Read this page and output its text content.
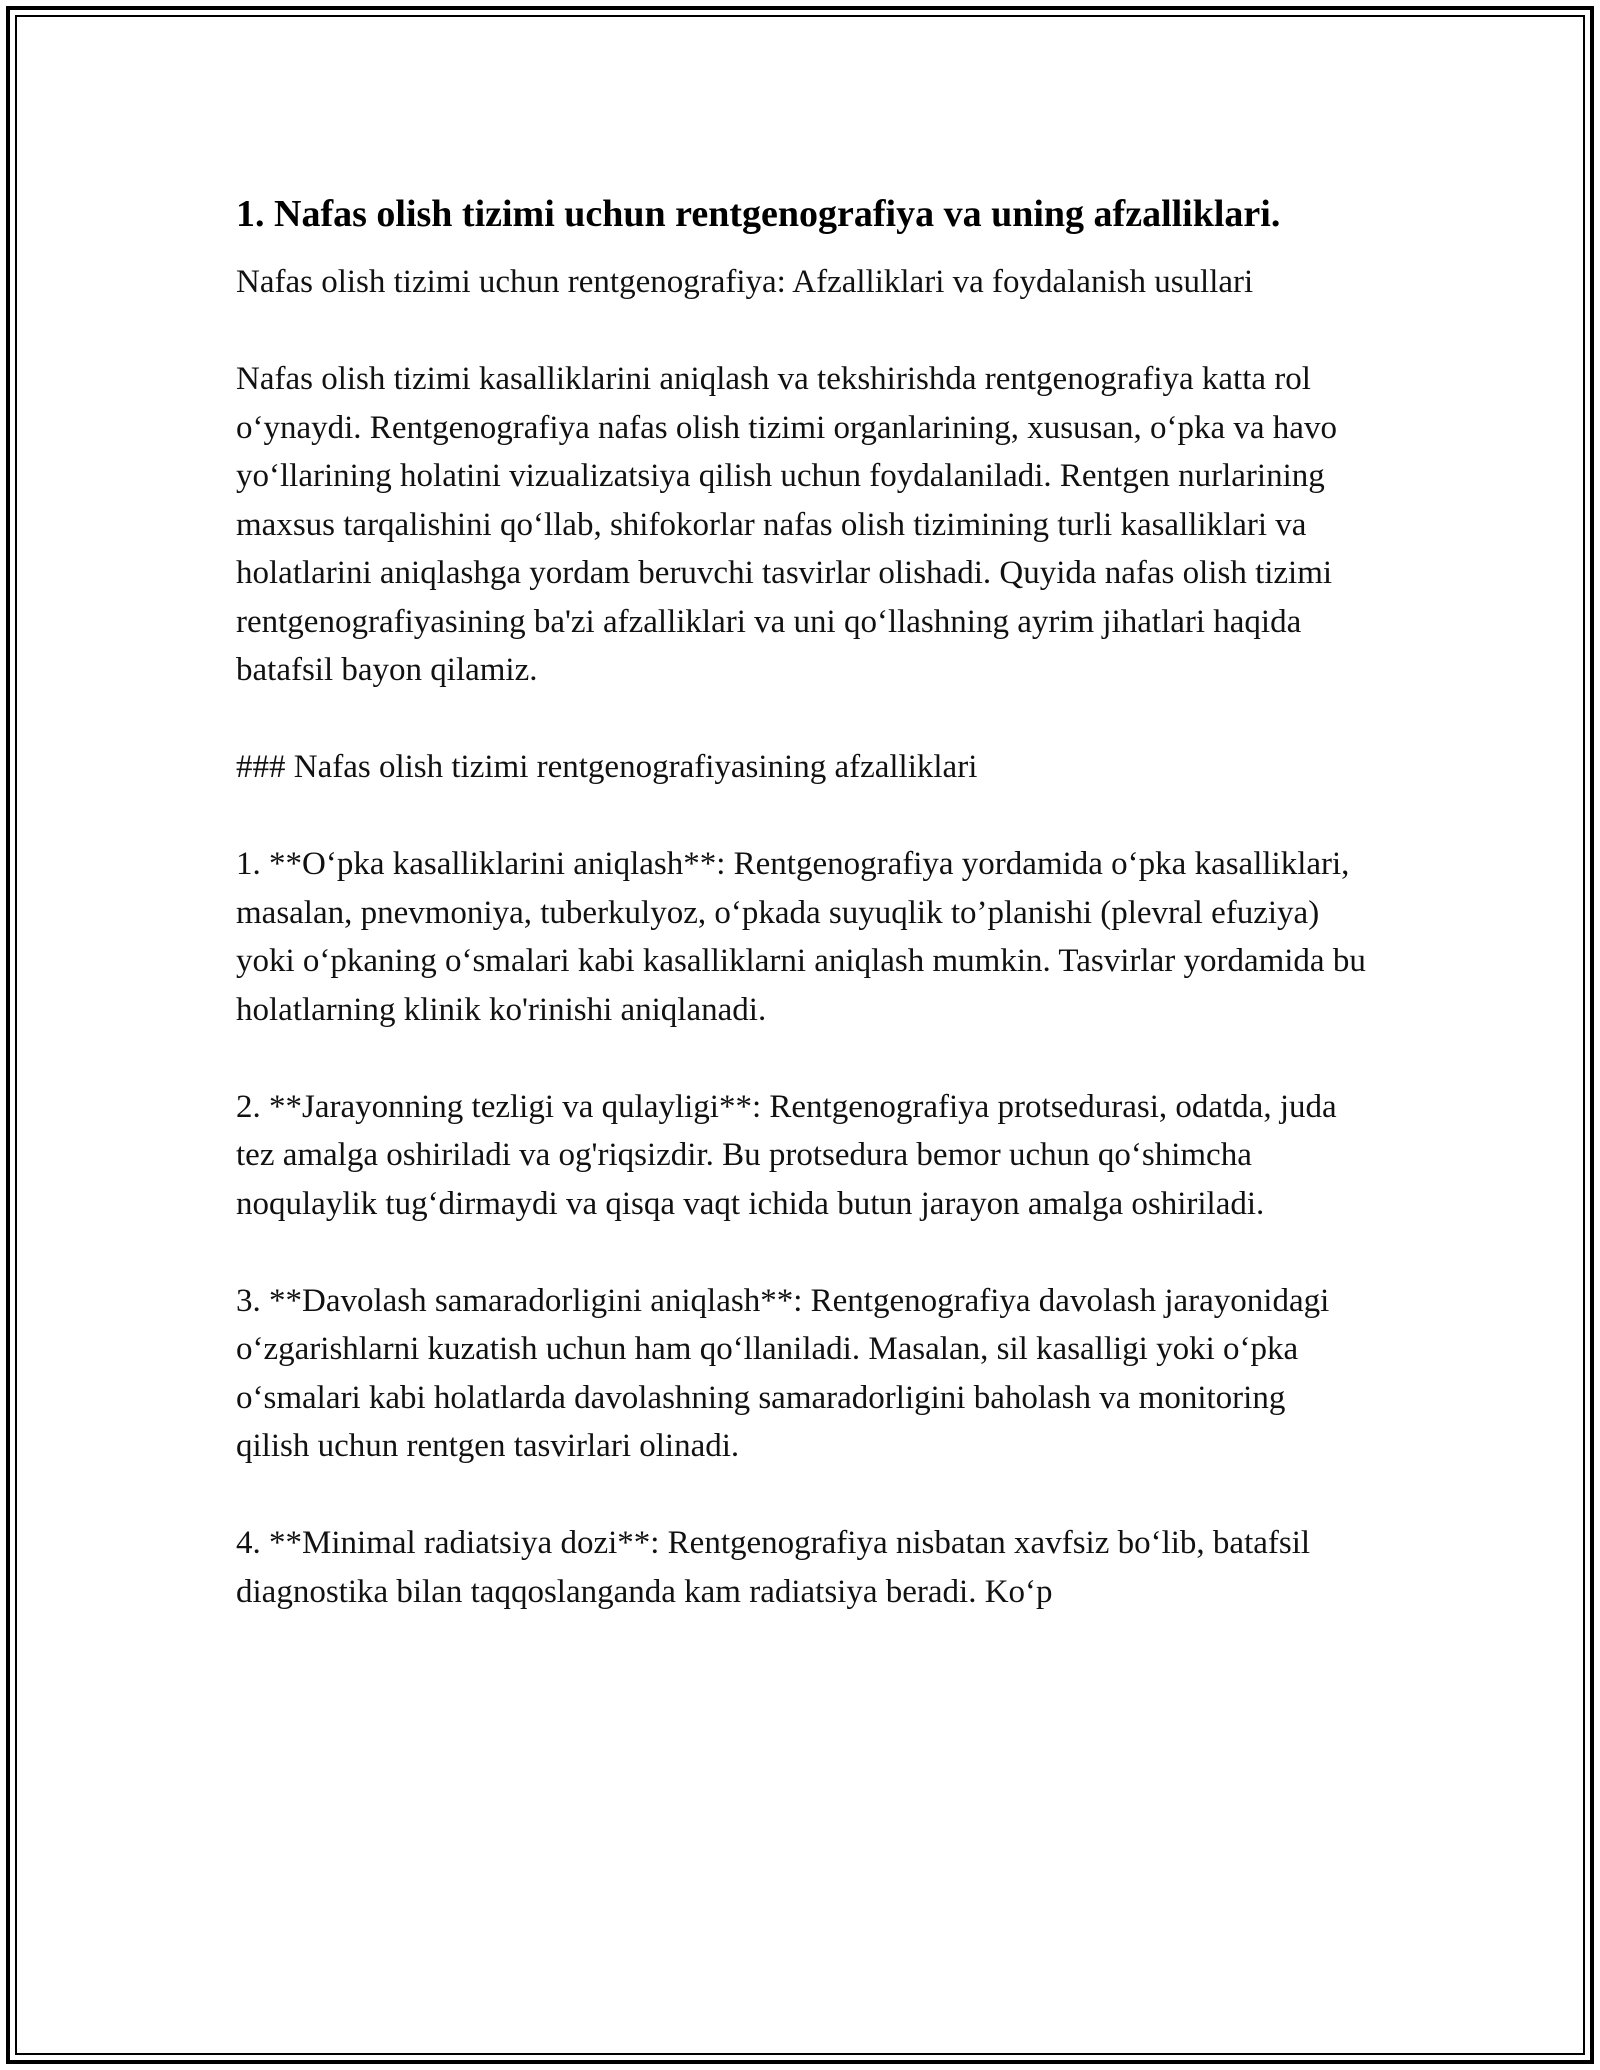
1. Nafas olish tizimi uchun rentgenografiya va uning afzalliklari.

Nafas olish tizimi uchun rentgenografiya: Afzalliklari va foydalanish usullari

Nafas olish tizimi kasalliklarini aniqlash va tekshirishda rentgenografiya katta rol o‘ynaydi. Rentgenografiya nafas olish tizimi organlarining, xususan, o‘pka va havo yo‘llarining holatini vizualizatsiya qilish uchun foydalaniladi. Rentgen nurlarining maxsus tarqalishini qo‘llab, shifokorlar nafas olish tizimining turli kasalliklari va holatlarini aniqlashga yordam beruvchi tasvirlar olishadi. Quyida nafas olish tizimi rentgenografiyasining ba'zi afzalliklari va uni qo‘llashning ayrim jihatlari haqida batafsil bayon qilamiz.

### Nafas olish tizimi rentgenografiyasining afzalliklari

1. **O‘pka kasalliklarini aniqlash**: Rentgenografiya yordamida o‘pka kasalliklari, masalan, pnevmoniya, tuberkulyoz, o‘pkada suyuqlik to’planishi (plevral efuziya) yoki o‘pkaning o‘smalari kabi kasalliklarni aniqlash mumkin. Tasvirlar yordamida bu holatlarning klinik ko'rinishi aniqlanadi.

2. **Jarayonning tezligi va qulayligi**: Rentgenografiya protsedurasi, odatda, juda tez amalga oshiriladi va og'riqsizdir. Bu protsedura bemor uchun qo‘shimcha noqulaylik tug‘dirmaydi va qisqa vaqt ichida butun jarayon amalga oshiriladi.

3. **Davolash samaradorligini aniqlash**: Rentgenografiya davolash jarayonidagi o‘zgarishlarni kuzatish uchun ham qo‘llaniladi. Masalan, sil kasalligi yoki o‘pka o‘smalari kabi holatlarda davolashning samaradorligini baholash va monitoring qilish uchun rentgen tasvirlari olinadi.

4. **Minimal radiatsiya dozi**: Rentgenografiya nisbatan xavfsiz bo‘lib, batafsil diagnostika bilan taqqoslanganda kam radiatsiya beradi. Ko‘p
